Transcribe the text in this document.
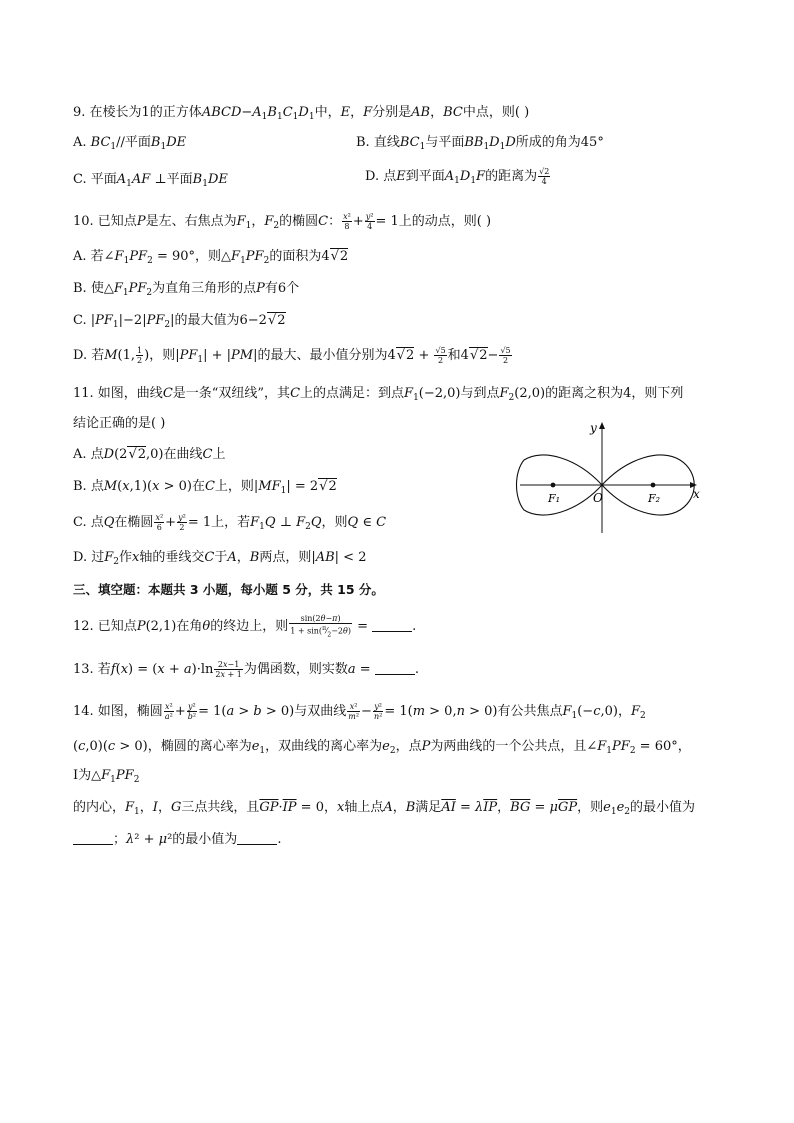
9. 在棱长为1的正方体$ABCD-A_1B_1C_1D_1$中，E，F分别是AB，BC中点，则( )
A. $BC_1//$平面$B_1DE$	B. 直线$BC_1$与平面$BB_1D_1D$所成的角为45°
C. 平面$A_1AF$ ⊥平面$B_1DE$	D. 点E到平面$A_1D_1F$的距离为 $\frac{√2}{4}$
10. 已知点P是左、右焦点为$F_1$，$F_2$的椭圆C： $\frac{\text{x²}}{8} + \frac{\text{y²}}{4} = 1$上的动点，则( )
A. 若$\angle F_1PF_2 = 90^\circ$，则$\triangle F_1PF_2$的面积为4 √ 2
B. 使$\triangle F_1PF_2$为直角三角形的点P有6个
C. $|PF_1|-2|PF_2|$的最大值为6−2 √ 2
D. 若M(1, $\frac{1}{2}$ )，则$|PF_1| + |PM|$的最大、最小值分别为4 √ $2 + \frac{√5}{2}$ 和4 √ $2- \frac{√5}{2}$
11. 如图，曲线C是一条“双纽线”，其C上的点满足：到点$F_1(-2,0)$与到点$F_2(2,0)$的距离之积为4，则下列
结论正确的是( )
A. 点D(2 √ 2,0)在曲线C上
B. 点M(x,1)(x > 0)在C上，则$|MF_1| = 2$ √ 2
C. 点Q在椭圆 $\frac{\text{x²}}{6} + \frac{\text{y²}}{2} = 1$上，若$F_1Q$ ⊥ $F_2Q$，则Q ∈ C
D. 过$F_2$作x轴的垂线交C于A，B两点，则|AB| < 2
y
x
O
F₁	F₂
三、填空题：本题共 3 小题，每小题 5 分，共 15 分。
12. 已知点P(2,1)在角θ的终边上，则 $\frac{\sin(2\theta-\pi)}{1 + \sin(^\pi⁄_2-2\theta)}$ =	.
13. 若$f(x) = (x + a)\cdot\ln \frac{2x-1}{2x + 1}$ 为偶函数，则实数a =	.
14. 如图，椭圆 $\frac{\text{x²}}{\text{a²}} + \frac{\text{y²}}{\text{b²}} = 1(a > b > 0)$与双曲线 $\frac{\text{x²}}{\text{m²}} - \frac{\text{y²}}{\text{n²}} = 1(m > 0,n > 0)$有公共焦点$F_1(-c,0)$，$F_2$
(c,0)(c > 0)，椭圆的离心率为$e_1$，双曲线的离心率为$e_2$，点P为两曲线的一个公共点，且$\angle F_1PF_2 = 60^\circ$，
I为$\triangle F_1PF_2$
的内心，$F_1$，I，G三点共线，且$\overline{GP}\cdot\overline{IP} = 0$，x轴上点A，B满足$\overline{AI} = \lambda\overline{IP}$，$\overline{BG} = \mu\overline{GP}$，则$e_1e_2$的最小值为
；λ² + μ²的最小值为	.
